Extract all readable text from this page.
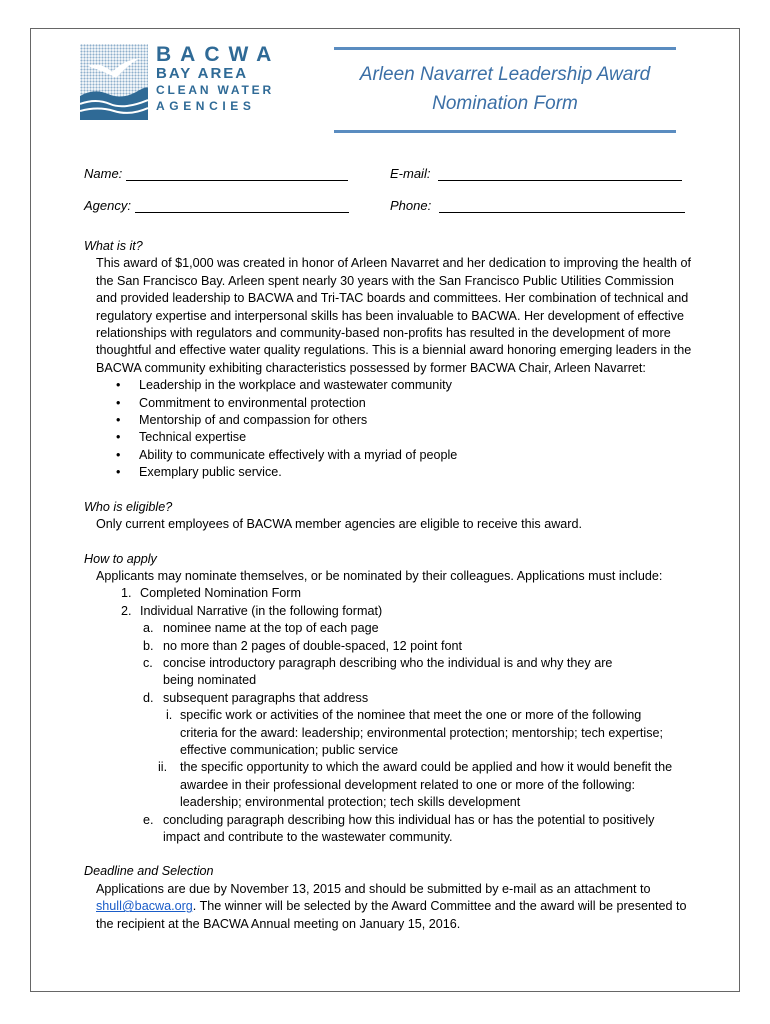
BACWA
BAY AREA
CLEAN WATER
AGENCIES
Arleen Navarret Leadership Award
Nomination Form
Name:	E-mail:
Agency:	Phone:
What is it?
This award of $1,000 was created in honor of Arleen Navarret and her dedication to improving the health of the San Francisco Bay. Arleen spent nearly 30 years with the San Francisco Public Utilities Commission and provided leadership to BACWA and Tri-TAC boards and committees. Her combination of technical and regulatory expertise and interpersonal skills has been invaluable to BACWA. Her development of effective relationships with regulators and community-based non-profits has resulted in the development of more thoughtful and effective water quality regulations. This is a biennial award honoring emerging leaders in the BACWA community exhibiting characteristics possessed by former BACWA Chair, Arleen Navarret:
• Leadership in the workplace and wastewater community
• Commitment to environmental protection
• Mentorship of and compassion for others
• Technical expertise
• Ability to communicate effectively with a myriad of people
• Exemplary public service.
Who is eligible?
Only current employees of BACWA member agencies are eligible to receive this award.
How to apply
Applicants may nominate themselves, or be nominated by their colleagues. Applications must include:
1. Completed Nomination Form
2. Individual Narrative (in the following format)
a. nominee name at the top of each page
b. no more than 2 pages of double-spaced, 12 point font
c. concise introductory paragraph describing who the individual is and why they are being nominated
d. subsequent paragraphs that address
i. specific work or activities of the nominee that meet the one or more of the following criteria for the award: leadership; environmental protection; mentorship; tech expertise; effective communication; public service
ii. the specific opportunity to which the award could be applied and how it would benefit the awardee in their professional development related to one or more of the following: leadership; environmental protection; tech skills development
e. concluding paragraph describing how this individual has or has the potential to positively impact and contribute to the wastewater community.
Deadline and Selection
Applications are due by November 13, 2015 and should be submitted by e-mail as an attachment to shull@bacwa.org. The winner will be selected by the Award Committee and the award will be presented to the recipient at the BACWA Annual meeting on January 15, 2016.
